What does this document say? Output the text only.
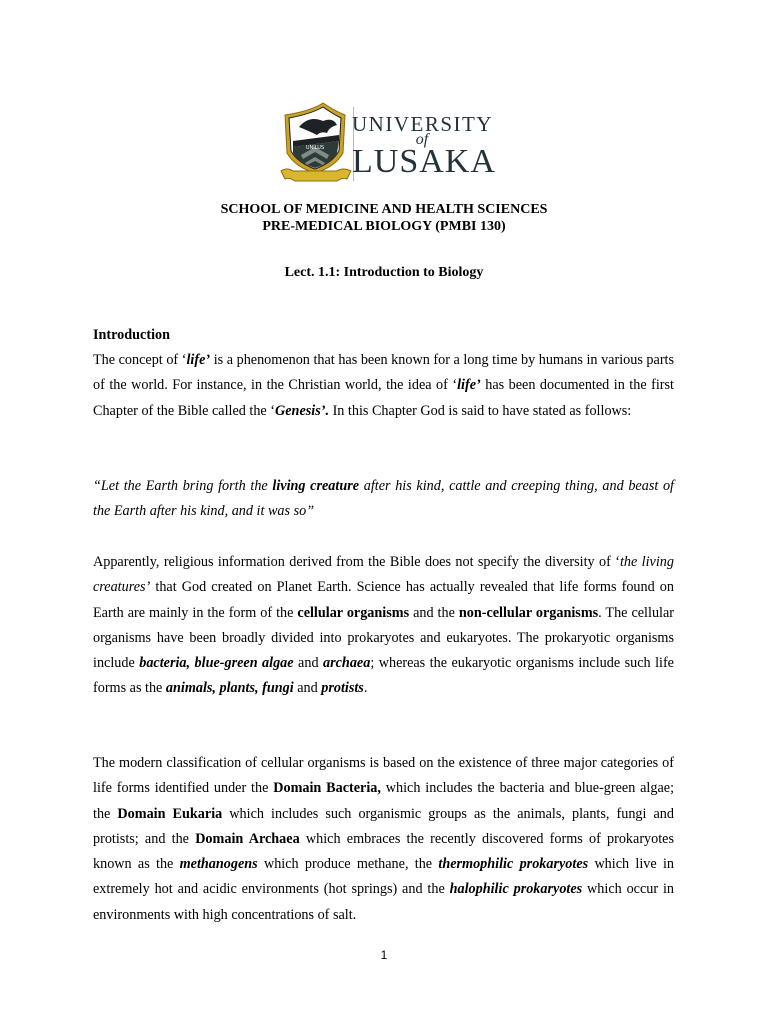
UNILUS
UNIVERSITY
of
LUSAKA
SCHOOL OF MEDICINE AND HEALTH SCIENCES
PRE-MEDICAL BIOLOGY (PMBI 130)
Lect. 1.1: Introduction to Biology
Introduction
The concept of ‘life’ is a phenomenon that has been known for a long time by humans in various parts of the world. For instance, in the Christian world, the idea of ‘life’ has been documented in the first Chapter of the Bible called the ‘Genesis’. In this Chapter God is said to have stated as follows:
“Let the Earth bring forth the living creature after his kind, cattle and creeping thing, and beast of the Earth after his kind, and it was so”
Apparently, religious information derived from the Bible does not specify the diversity of ‘the living creatures’ that God created on Planet Earth. Science has actually revealed that life forms found on Earth are mainly in the form of the cellular organisms and the non-cellular organisms. The cellular organisms have been broadly divided into prokaryotes and eukaryotes. The prokaryotic organisms include bacteria, blue-green algae and archaea; whereas the eukaryotic organisms include such life forms as the animals, plants, fungi and protists.
The modern classification of cellular organisms is based on the existence of three major categories of life forms identified under the Domain Bacteria, which includes the bacteria and blue-green algae; the Domain Eukaria which includes such organismic groups as the animals, plants, fungi and protists; and the Domain Archaea which embraces the recently discovered forms of prokaryotes known as the methanogens which produce methane, the thermophilic prokaryotes which live in extremely hot and acidic environments (hot springs) and the halophilic prokaryotes which occur in environments with high concentrations of salt.
1
